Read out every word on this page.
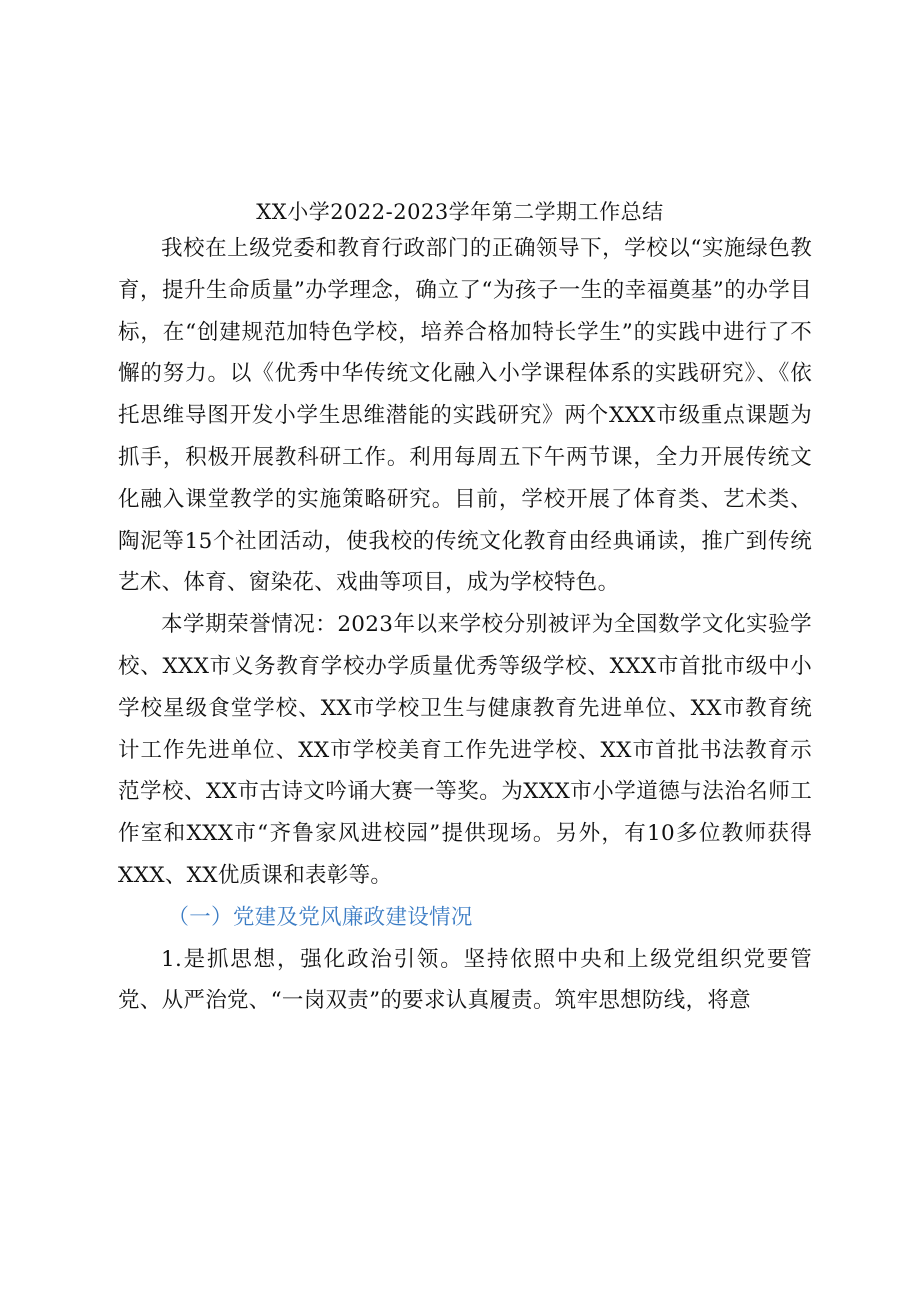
XX小学2022-2023学年第二学期工作总结

我校在上级党委和教育行政部门的正确领导下，学校以“实施绿色教育，提升生命质量”办学理念，确立了“为孩子一生的幸福奠基”的办学目标，在“创建规范加特色学校，培养合格加特长学生”的实践中进行了不懈的努力。以《优秀中华传统文化融入小学课程体系的实践研究》、《依托思维导图开发小学生思维潜能的实践研究》两个XXX市级重点课题为抓手，积极开展教科研工作。利用每周五下午两节课，全力开展传统文化融入课堂教学的实施策略研究。目前，学校开展了体育类、艺术类、陶泥等15个社团活动，使我校的传统文化教育由经典诵读，推广到传统艺术、体育、窗染花、戏曲等项目，成为学校特色。

本学期荣誉情况：2023年以来学校分别被评为全国数学文化实验学校、XXX市义务教育学校办学质量优秀等级学校、XXX市首批市级中小学校星级食堂学校、XX市学校卫生与健康教育先进单位、XX市教育统计工作先进单位、XX市学校美育工作先进学校、XX市首批书法教育示范学校、XX市古诗文吟诵大赛一等奖。为XXX市小学道德与法治名师工作室和XXX市“齐鲁家风进校园”提供现场。另外，有10多位教师获得XXX、XX优质课和表彰等。

（一）党建及党风廉政建设情况

1.是抓思想，强化政治引领。坚持依照中央和上级党组织党要管党、从严治党、“一岗双责”的要求认真履责。筑牢思想防线，将意
